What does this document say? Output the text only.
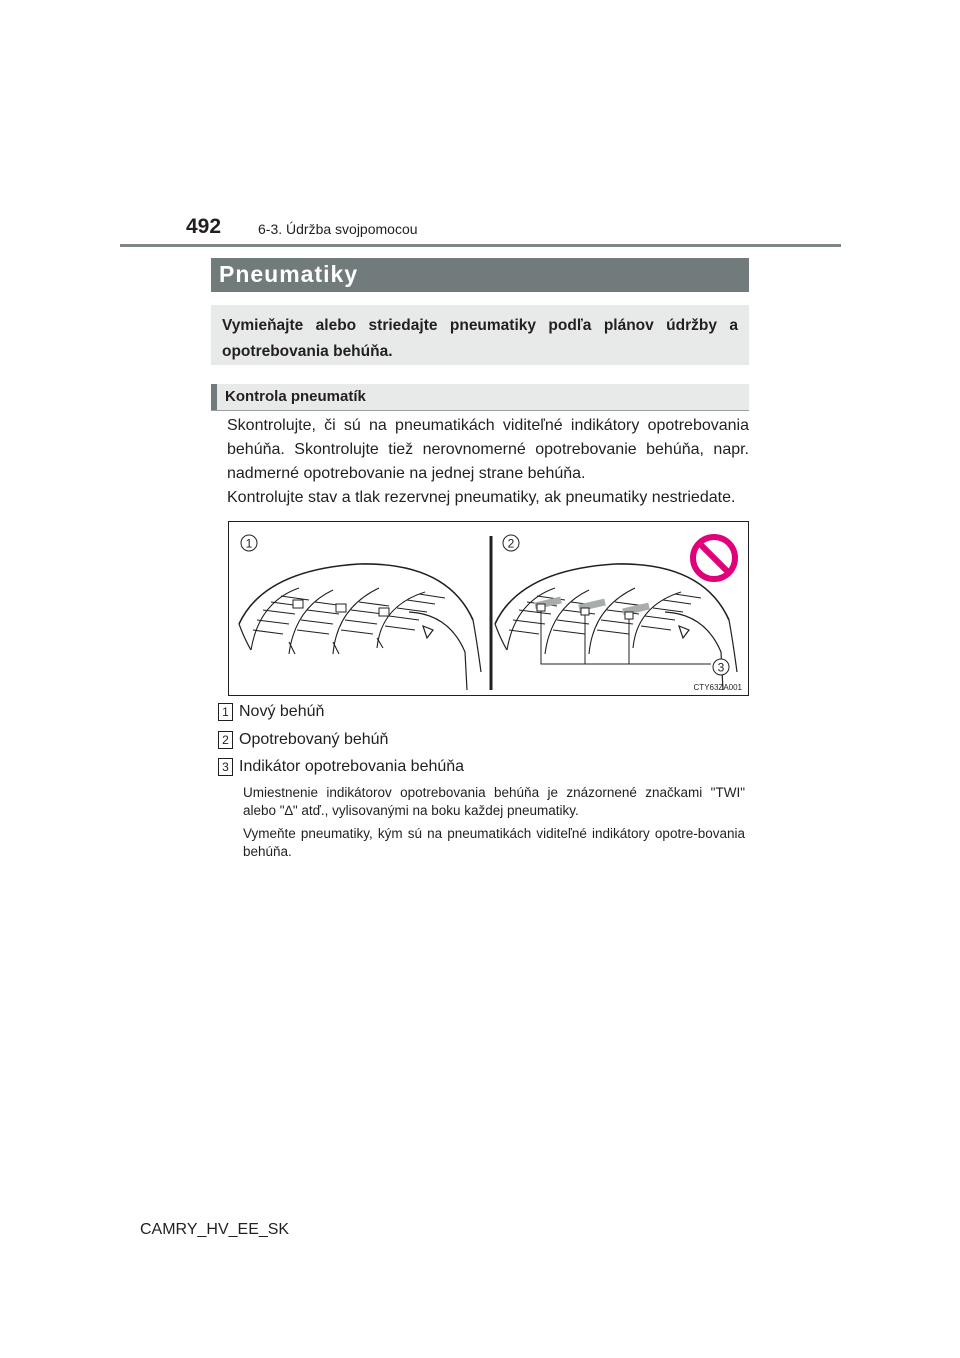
492	6-3. Údržba svojpomocou
Pneumatiky
Vymieňajte alebo striedajte pneumatiky podľa plánov údržby a opotrebovania behúňa.
Kontrola pneumatík

Skontrolujte, či sú na pneumatikách viditeľné indikátory opotrebovania behúňa. Skontrolujte tiež nerovnomerné opotrebovanie behúňa, napr. nadmerné opotrebovanie na jednej strane behúňa.

Kontrolujte stav a tlak rezervnej pneumatiky, ak pneumatiky nestriedate.

1	2
3
CTY63ZA001
1 Nový behúň
2 Opotrebovaný behúň
3 Indikátor opotrebovania behúňa

Umiestnenie indikátorov opotrebovania behúňa je znázornené značkami "TWI" alebo "∆" atď., vylisovanými na boku každej pneumatiky.

Vymeňte pneumatiky, kým sú na pneumatikách viditeľné indikátory opotre-bovania behúňa.

CAMRY_HV_EE_SK
